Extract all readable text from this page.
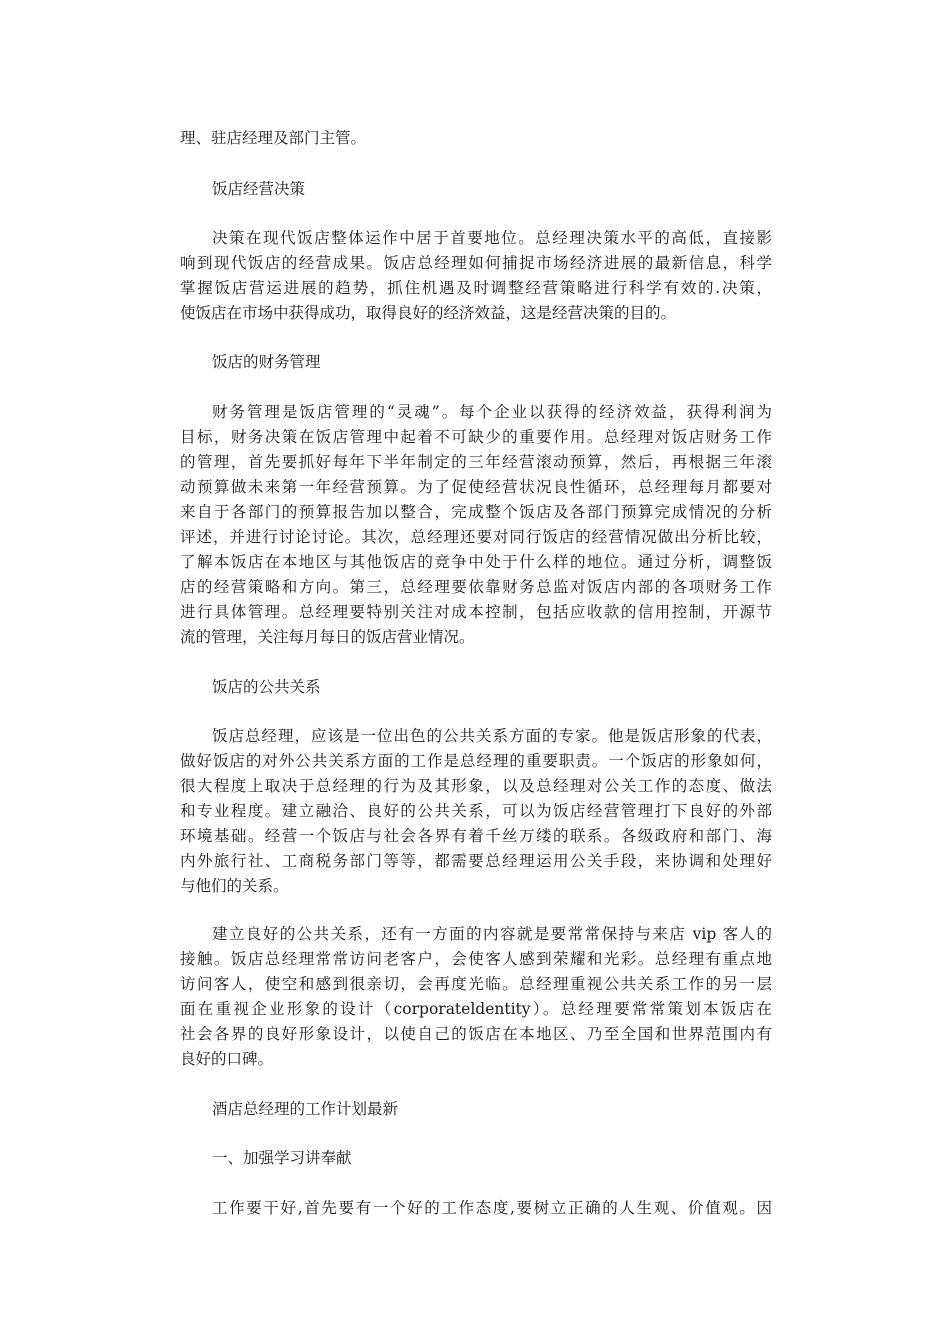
理、驻店经理及部门主管。
饭店经营决策
决策在现代饭店整体运作中居于首要地位。总经理决策水平的高低，直接影
响到现代饭店的经营成果。饭店总经理如何捕捉市场经济进展的最新信息，科学
掌握饭店营运进展的趋势，抓住机遇及时调整经营策略进行科学有效的.决策，
使饭店在市场中获得成功，取得良好的经济效益，这是经营决策的目的。
饭店的财务管理
财务管理是饭店管理的“灵魂”。每个企业以获得的经济效益，获得利润为
目标，财务决策在饭店管理中起着不可缺少的重要作用。总经理对饭店财务工作
的管理，首先要抓好每年下半年制定的三年经营滚动预算，然后，再根据三年滚
动预算做未来第一年经营预算。为了促使经营状况良性循环，总经理每月都要对
来自于各部门的预算报告加以整合，完成整个饭店及各部门预算完成情况的分析
评述，并进行讨论讨论。其次，总经理还要对同行饭店的经营情况做出分析比较，
了解本饭店在本地区与其他饭店的竞争中处于什么样的地位。通过分析，调整饭
店的经营策略和方向。第三，总经理要依靠财务总监对饭店内部的各项财务工作
进行具体管理。总经理要特别关注对成本控制，包括应收款的信用控制，开源节
流的管理，关注每月每日的饭店营业情况。
饭店的公共关系
饭店总经理，应该是一位出色的公共关系方面的专家。他是饭店形象的代表，
做好饭店的对外公共关系方面的工作是总经理的重要职责。一个饭店的形象如何，
很大程度上取决于总经理的行为及其形象，以及总经理对公关工作的态度、做法
和专业程度。建立融洽、良好的公共关系，可以为饭店经营管理打下良好的外部
环境基础。经营一个饭店与社会各界有着千丝万缕的联系。各级政府和部门、海
内外旅行社、工商税务部门等等，都需要总经理运用公关手段，来协调和处理好
与他们的关系。
建立良好的公共关系，还有一方面的内容就是要常常保持与来店 vip 客人的
接触。饭店总经理常常访问老客户，会使客人感到荣耀和光彩。总经理有重点地
访问客人，使空和感到很亲切，会再度光临。总经理重视公共关系工作的另一层
面在重视企业形象的设计（corporateldentity）。总经理要常常策划本饭店在
社会各界的良好形象设计，以使自己的饭店在本地区、乃至全国和世界范围内有
良好的口碑。
酒店总经理的工作计划最新
一、加强学习讲奉献
工作要干好,首先要有一个好的工作态度,要树立正确的人生观、价值观。因
